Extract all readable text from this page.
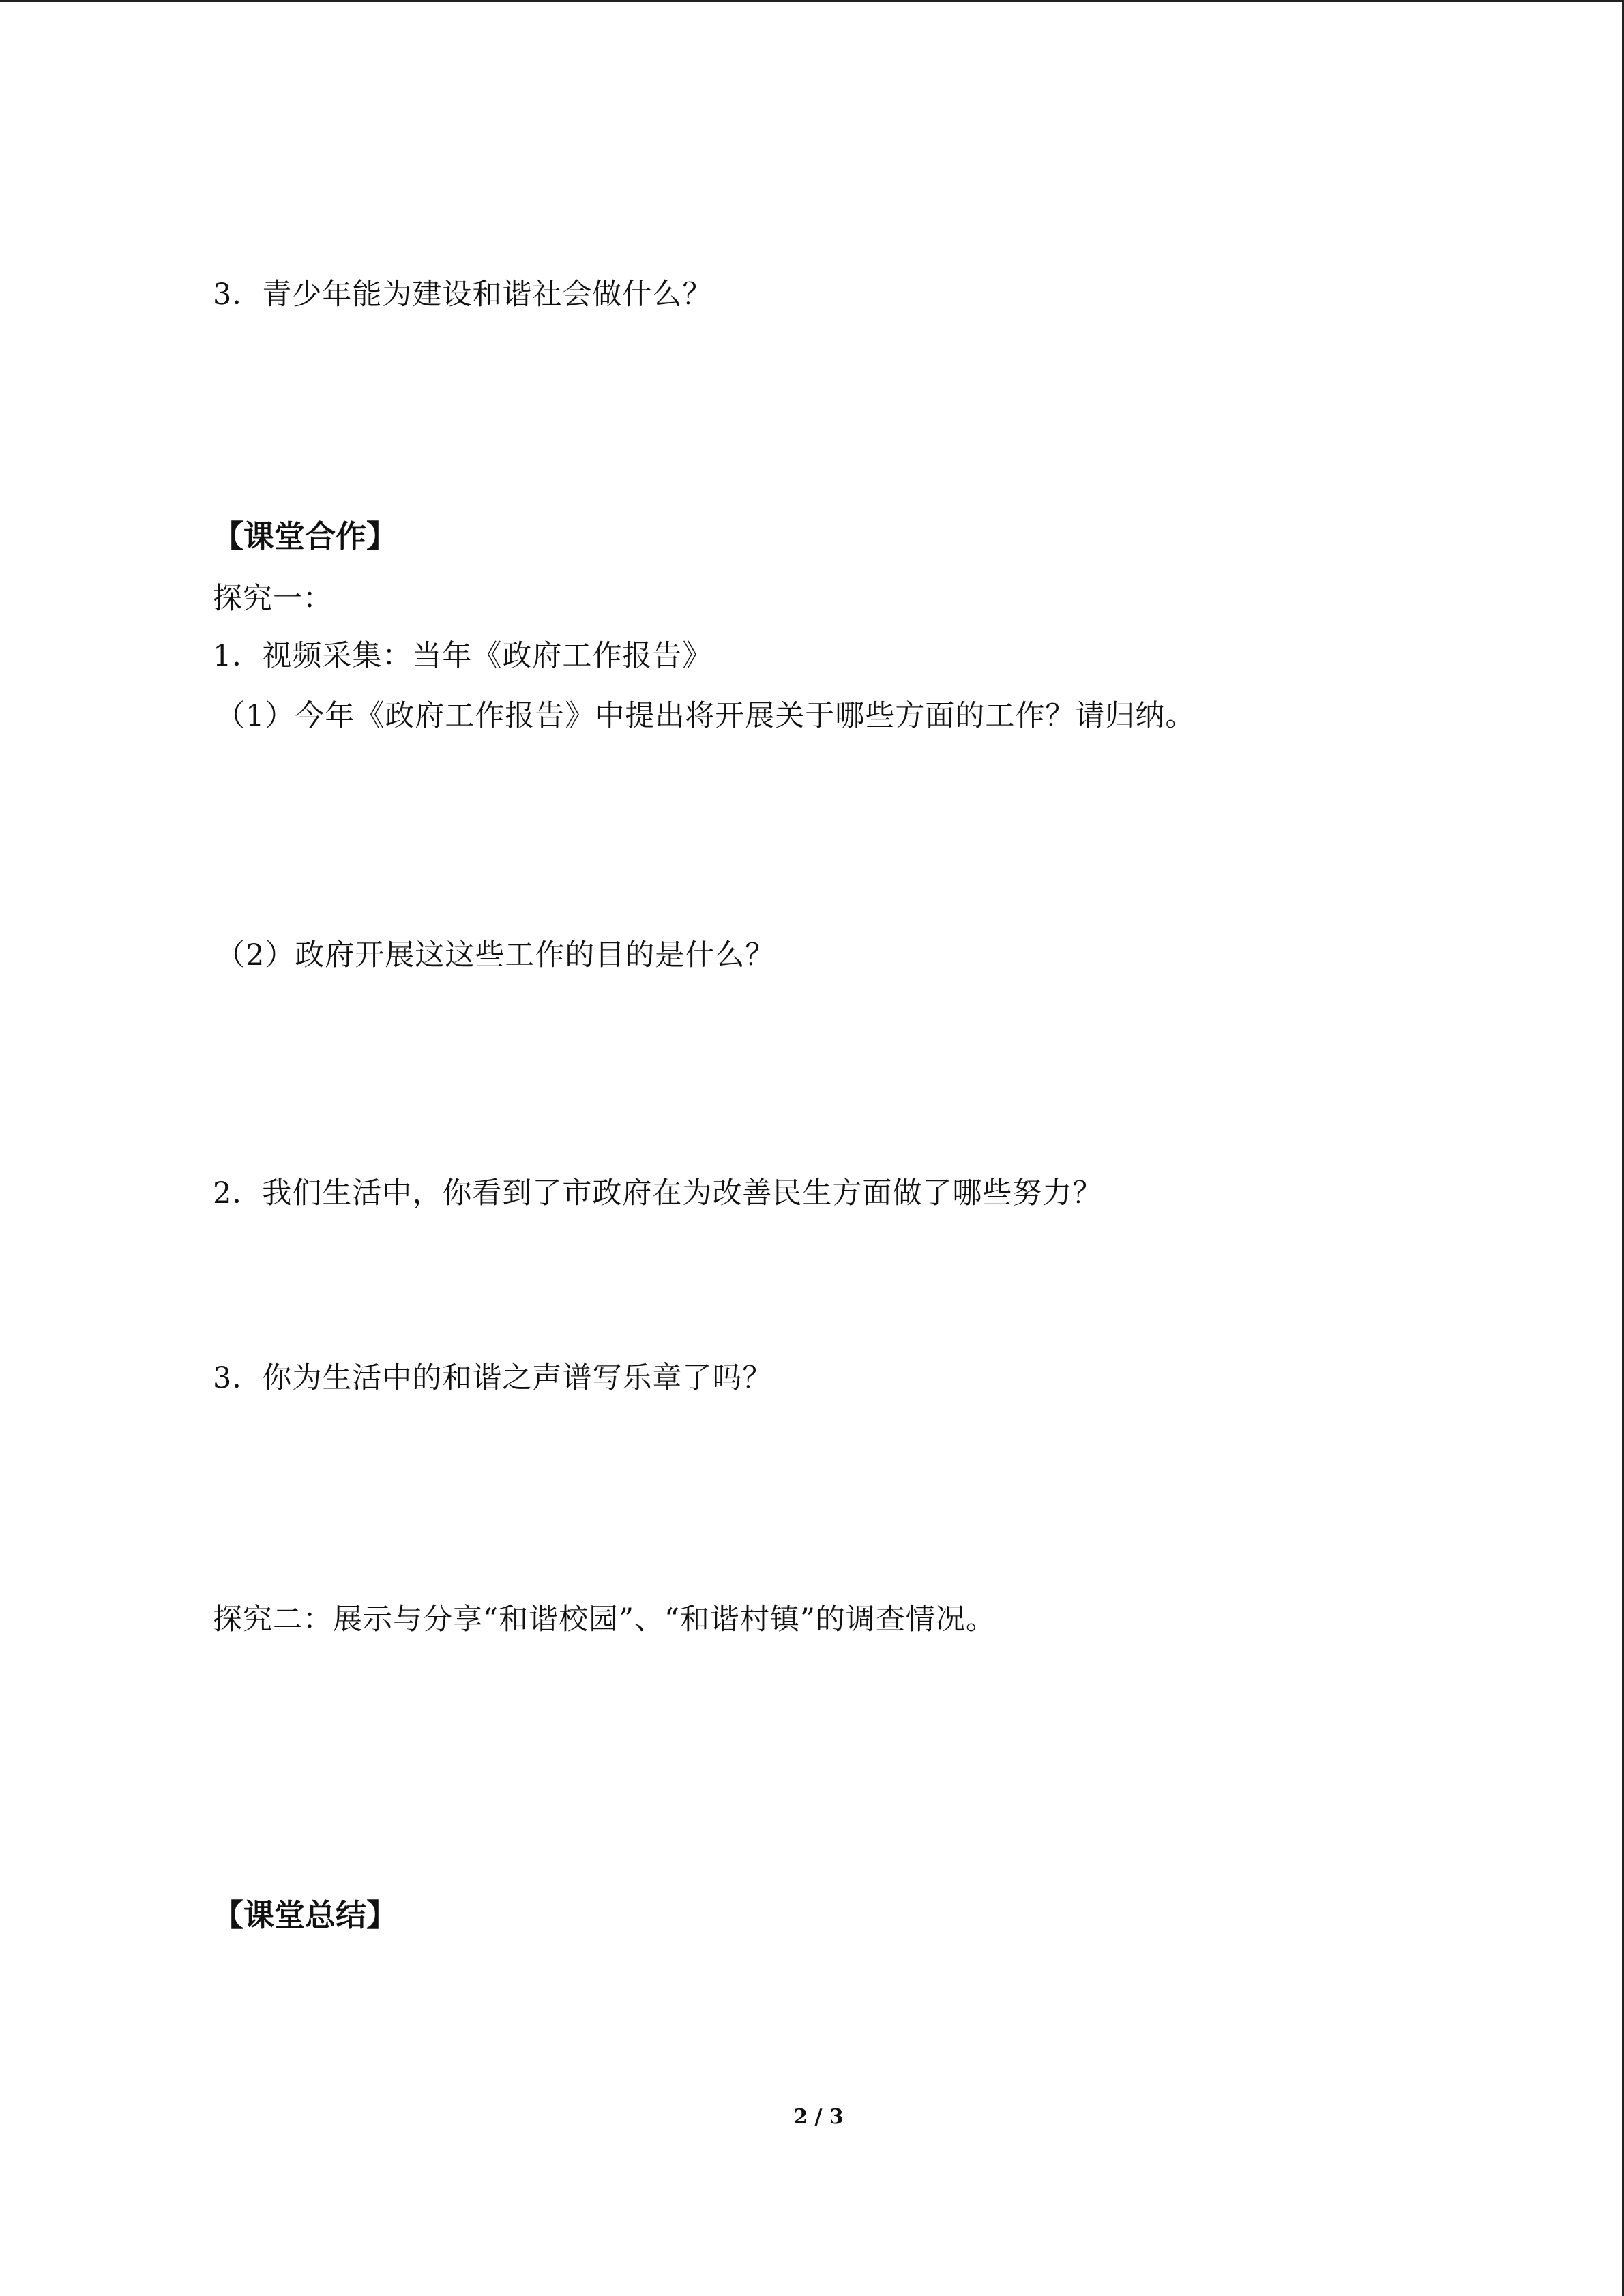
3．青少年能为建设和谐社会做什么？
【课堂合作】
探究一：
1．视频采集：当年《政府工作报告》
（1）今年《政府工作报告》中提出将开展关于哪些方面的工作？请归纳。
（2）政府开展这这些工作的目的是什么？
2．我们生活中，你看到了市政府在为改善民生方面做了哪些努力？
3．你为生活中的和谐之声谱写乐章了吗？
探究二：展示与分享“和谐校园”、“和谐村镇”的调查情况。
【课堂总结】
2 / 3
